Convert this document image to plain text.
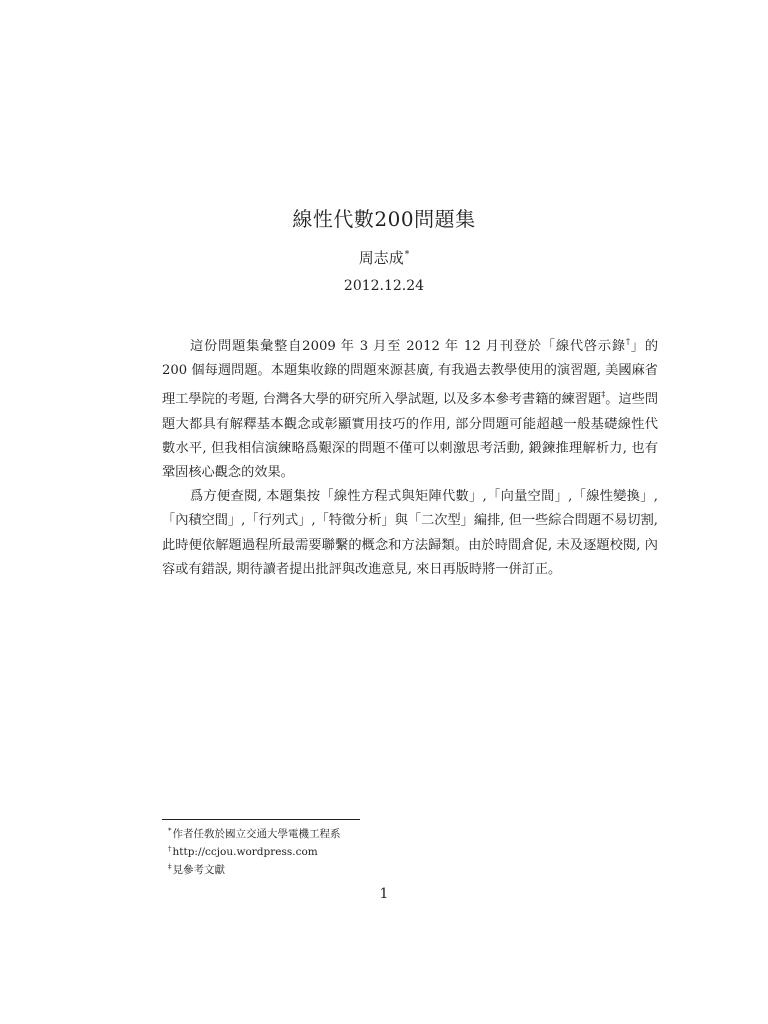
線性代數200問題集
周志成*
2012.12.24

這份問題集彙整自2009 年 3 月至 2012 年 12 月刊登於「線代啓示錄†」的 200 個每週問題。本題集收錄的問題來源甚廣, 有我過去教學使用的演習題, 美國麻省理工學院的考題, 台灣各大學的研究所入學試題, 以及多本參考書籍的練習題‡。這些問題大都具有解釋基本觀念或彰顯實用技巧的作用, 部分問題可能超越一般基礎線性代數水平, 但我相信演練略爲艱深的問題不僅可以刺激思考活動, 鍛鍊推理解析力, 也有鞏固核心觀念的效果。

爲方便查閱, 本題集按「線性方程式與矩陣代數」,「向量空間」,「線性變換」,「內積空間」,「行列式」,「特徵分析」與「二次型」編排, 但一些綜合問題不易切割, 此時便依解題過程所最需要聯繫的概念和方法歸類。由於時間倉促, 未及逐題校閱, 內容或有錯誤, 期待讀者提出批評與改進意見, 來日再版時將一併訂正。

*作者任敎於國立交通大學電機工程系
†http://ccjou.wordpress.com
‡見參考文獻
1
